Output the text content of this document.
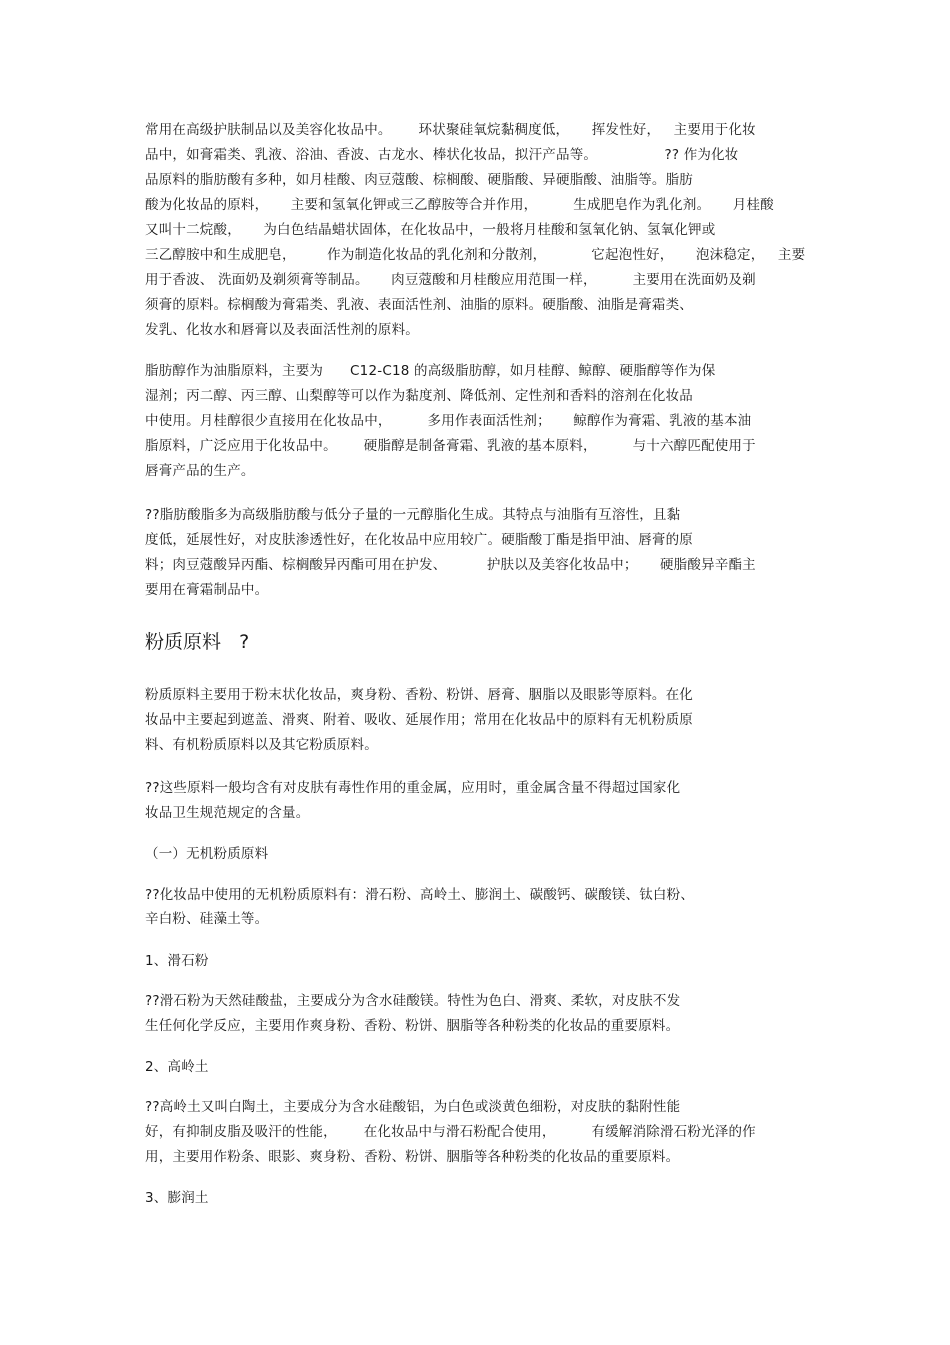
常用在高级护肤制品以及美容化妆品中。      环状聚硅氧烷黏稠度低，     挥发性好，   主要用于化妆
品中，如膏霜类、乳液、浴油、香波、古龙水、棒状化妆品，拟汗产品等。               ?? 作为化妆
品原料的脂肪酸有多种，如月桂酸、肉豆蔻酸、棕榈酸、硬脂酸、异硬脂酸、油脂等。脂肪
酸为化妆品的原料，     主要和氢氧化钾或三乙醇胺等合并作用，        生成肥皂作为乳化剂。     月桂酸
又叫十二烷酸，     为白色结晶蜡状固体，在化妆品中，一般将月桂酸和氢氧化钠、氢氧化钾或
三乙醇胺中和生成肥皂，       作为制造化妆品的乳化剂和分散剂，          它起泡性好，     泡沫稳定，   主要
用于香波、 洗面奶及剃须膏等制品。     肉豆蔻酸和月桂酸应用范围一样，        主要用在洗面奶及剃
须膏的原料。棕榈酸为膏霜类、乳液、表面活性剂、油脂的原料。硬脂酸、油脂是膏霜类、
发乳、化妆水和唇膏以及表面活性剂的原料。
脂肪醇作为油脂原料，主要为      C12-C18 的高级脂肪醇，如月桂醇、鲸醇、硬脂醇等作为保
湿剂；丙二醇、丙三醇、山梨醇等可以作为黏度剂、降低剂、定性剂和香料的溶剂在化妆品
中使用。月桂醇很少直接用在化妆品中，        多用作表面活性剂；     鲸醇作为膏霜、乳液的基本油
脂原料，广泛应用于化妆品中。      硬脂醇是制备膏霜、乳液的基本原料，        与十六醇匹配使用于
唇膏产品的生产。
??脂肪酸脂多为高级脂肪酸与低分子量的一元醇脂化生成。其特点与油脂有互溶性，且黏
度低，延展性好，对皮肤渗透性好，在化妆品中应用较广。硬脂酸丁酯是指甲油、唇膏的原
料；肉豆蔻酸异丙酯、棕榈酸异丙酯可用在护发、         护肤以及美容化妆品中；     硬脂酸异辛酯主
要用在膏霜制品中。
粉质原料   ?
粉质原料主要用于粉末状化妆品，爽身粉、香粉、粉饼、唇膏、胭脂以及眼影等原料。在化
妆品中主要起到遮盖、滑爽、附着、吸收、延展作用；常用在化妆品中的原料有无机粉质原
料、有机粉质原料以及其它粉质原料。
??这些原料一般均含有对皮肤有毒性作用的重金属，应用时，重金属含量不得超过国家化
妆品卫生规范规定的含量。
（一）无机粉质原料
??化妆品中使用的无机粉质原料有：滑石粉、高岭土、膨润土、碳酸钙、碳酸镁、钛白粉、
辛白粉、硅藻土等。
1、滑石粉
??滑石粉为天然硅酸盐，主要成分为含水硅酸镁。特性为色白、滑爽、柔软，对皮肤不发
生任何化学反应，主要用作爽身粉、香粉、粉饼、胭脂等各种粉类的化妆品的重要原料。
2、高岭土
??高岭土又叫白陶土，主要成分为含水硅酸铝，为白色或淡黄色细粉，对皮肤的黏附性能
好，有抑制皮脂及吸汗的性能，      在化妆品中与滑石粉配合使用，        有缓解消除滑石粉光泽的作
用，主要用作粉条、眼影、爽身粉、香粉、粉饼、胭脂等各种粉类的化妆品的重要原料。
3、膨润土
